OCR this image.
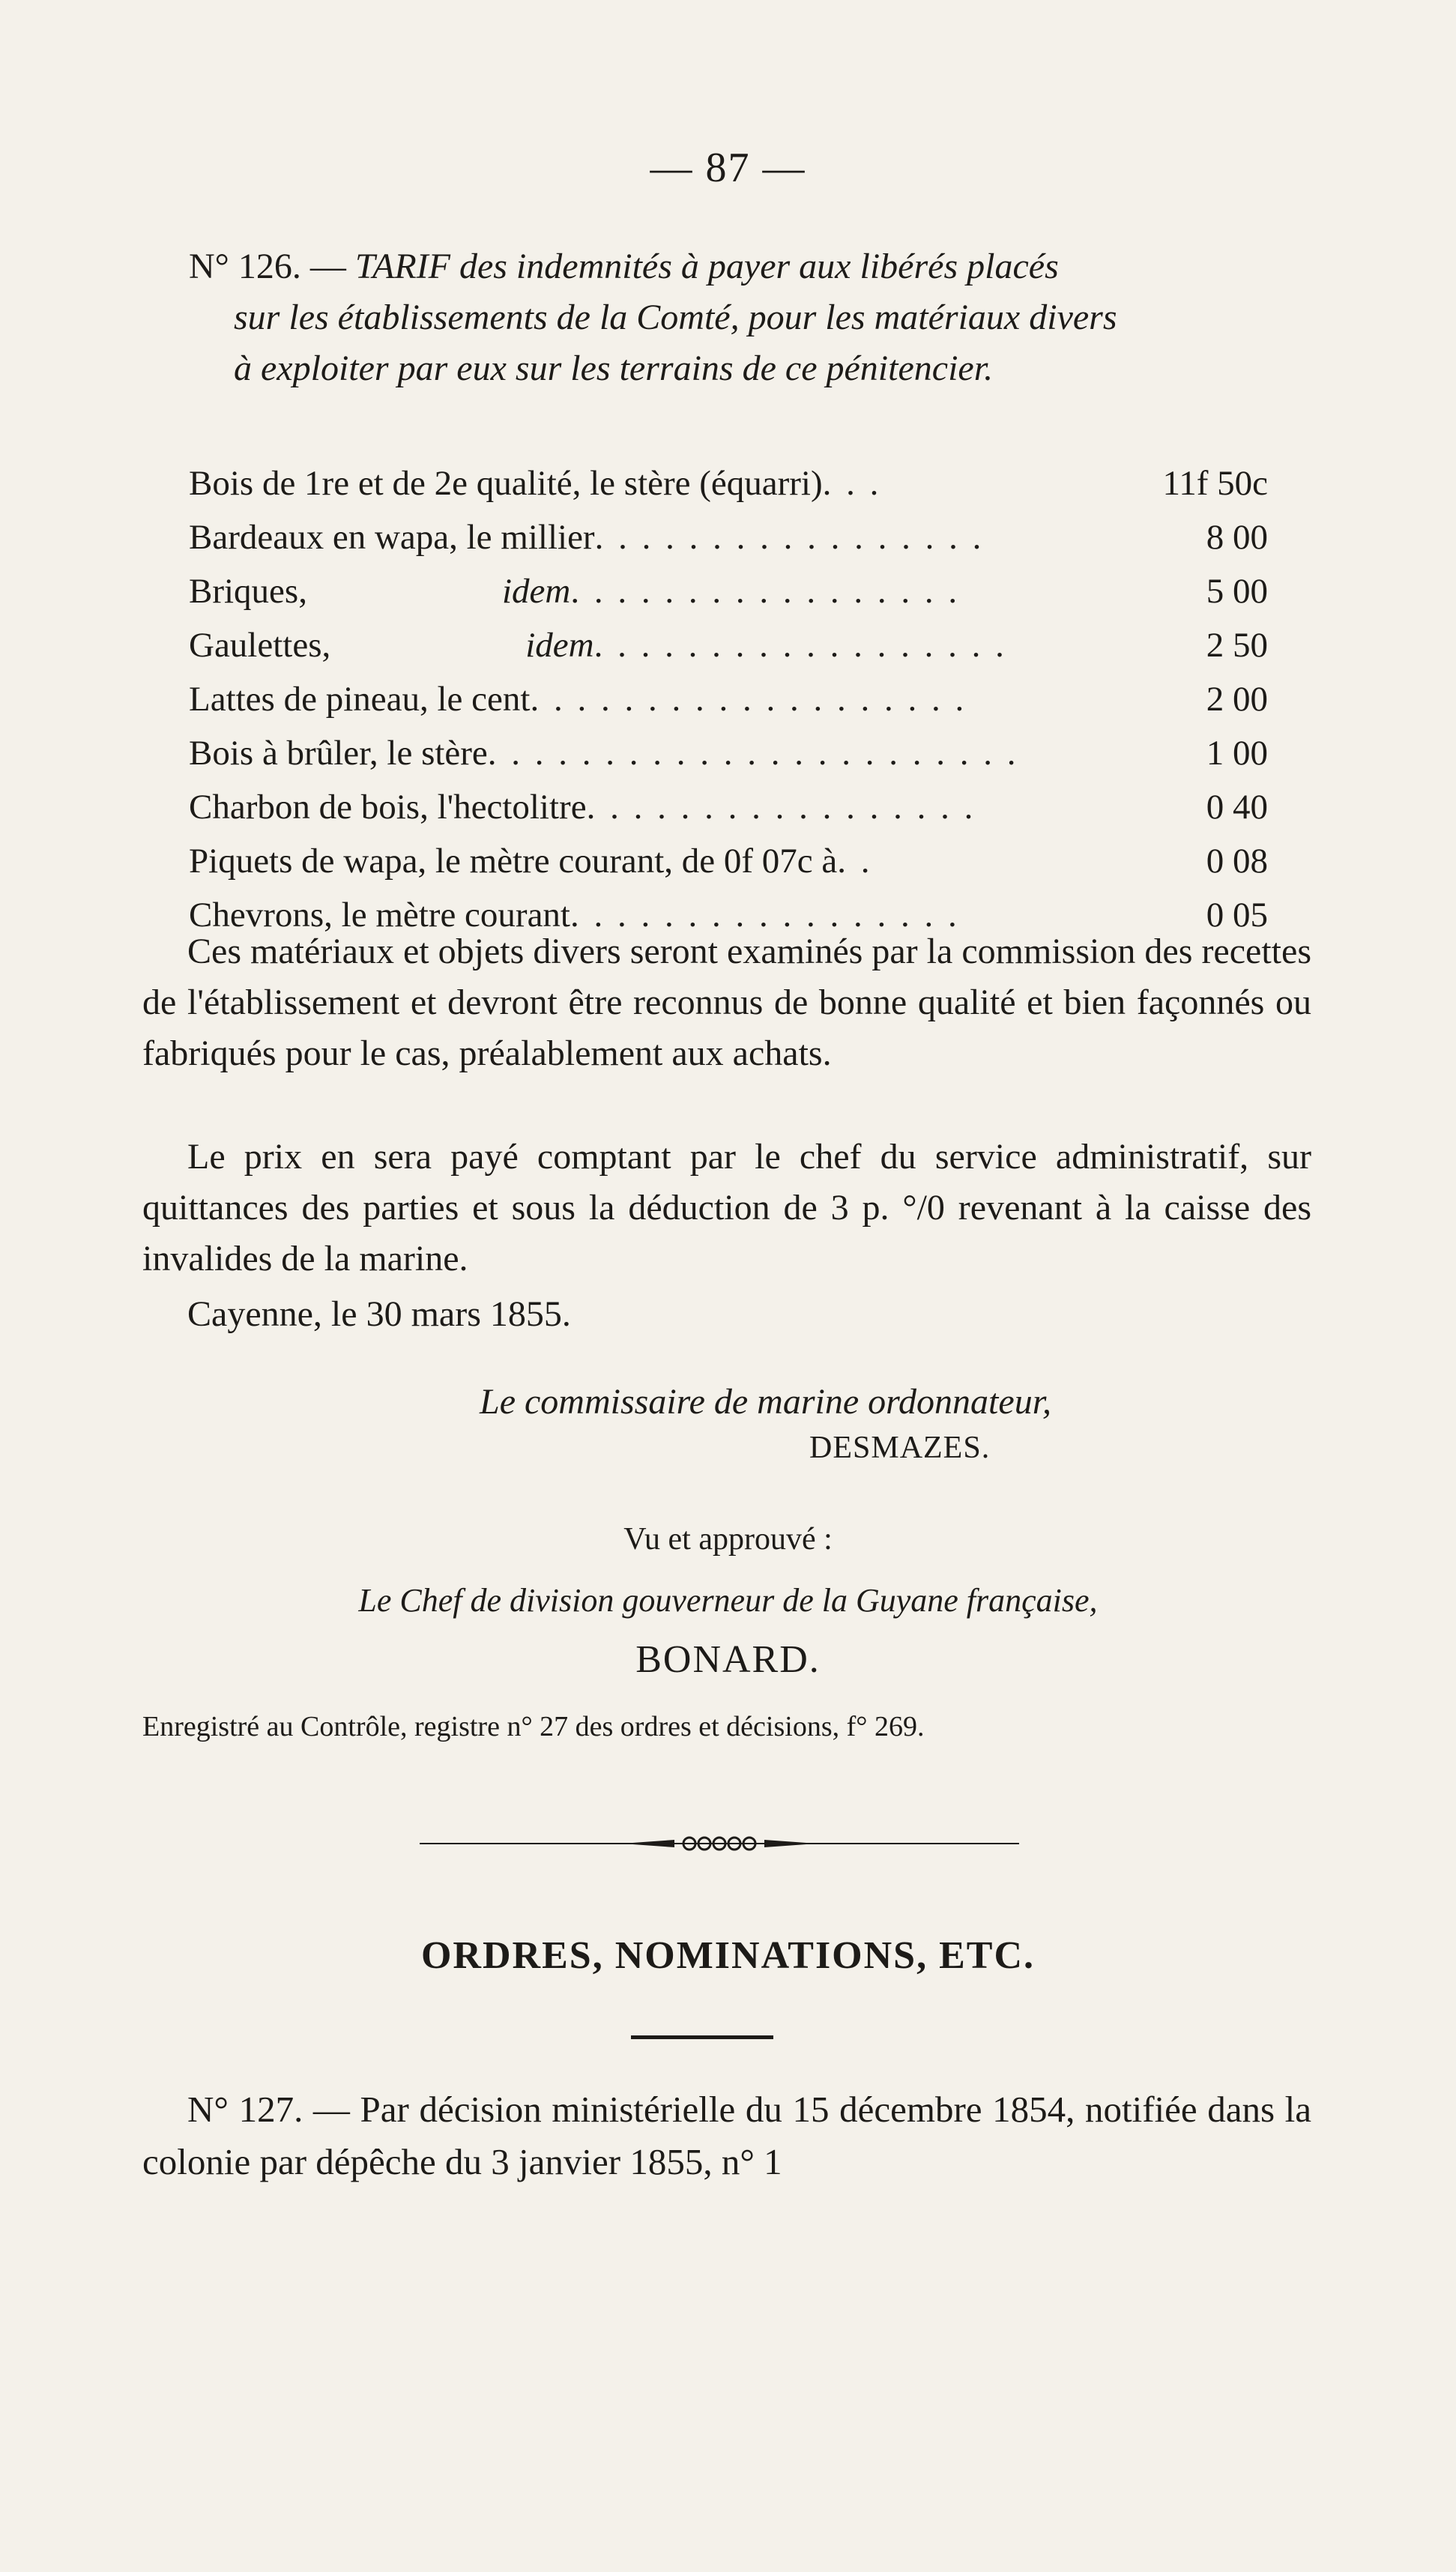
— 87 —
N° 126. — TARIF des indemnités à payer aux libérés placés
sur les établissements de la Comté, pour les matériaux divers
à exploiter par eux sur les terrains de ce pénitencier.
Bois de 1re et de 2e qualité, le stère (équarri). . .	11f 50c
Bardeaux en wapa, le millier. . . . . . . . . . . . . . . . .	8 00
Briques,	idem. . . . . . . . . . . . . . . . .	5 00
Gaulettes,	idem. . . . . . . . . . . . . . . . . .	2 50
Lattes de pineau, le cent. . . . . . . . . . . . . . . . . . .	2 00
Bois à brûler, le stère. . . . . . . . . . . . . . . . . . . . . . .	1 00
Charbon de bois, l'hectolitre. . . . . . . . . . . . . . . . .	0 40
Piquets de wapa, le mètre courant, de 0f 07c à. .	0 08
Chevrons, le mètre courant. . . . . . . . . . . . . . . . .	0 05
Ces matériaux et objets divers seront examinés par la commission des recettes de l'établissement et devront être reconnus de bonne qualité et bien façonnés ou fabriqués pour le cas, préalablement aux achats.
Le prix en sera payé comptant par le chef du service administratif, sur quittances des parties et sous la déduction de 3 p. °/0 revenant à la caisse des invalides de la marine.
Cayenne, le 30 mars 1855.
Le commissaire de marine ordonnateur,
DESMAZES.
Vu et approuvé :
Le Chef de division gouverneur de la Guyane française,
BONARD.
Enregistré au Contrôle, registre n° 27 des ordres et décisions, f° 269.
ORDRES, NOMINATIONS, ETC.
N° 127. — Par décision ministérielle du 15 décembre 1854, notifiée dans la colonie par dépêche du 3 janvier 1855, n° 1
